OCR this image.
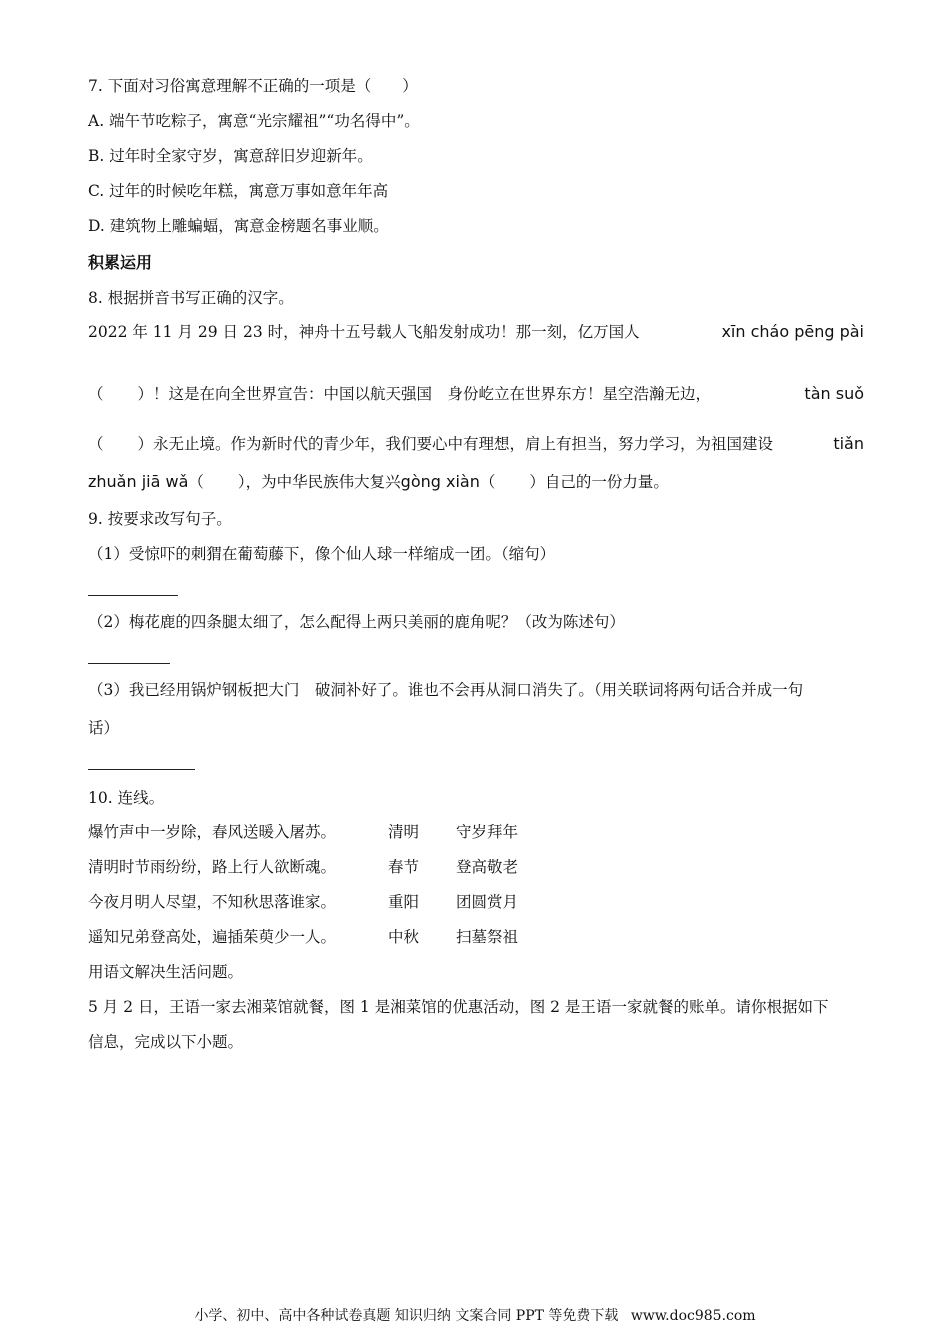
7. 下面对习俗寓意理解不正确的一项是（　　）
A. 端午节吃粽子，寓意“光宗耀祖”“功名得中”。
B. 过年时全家守岁，寓意辞旧岁迎新年。
C. 过年的时候吃年糕，寓意万事如意年年高
D. 建筑物上雕蝙蝠，寓意金榜题名事业顺。
积累运用
8. 根据拼音书写正确的汉字。
2022 年 11 月 29 日 23 时，神舟十五号载人飞船发射成功！那一刻，亿万国人	xīn cháo pēng pài
（ ）！这是在向全世界宣告：中国以航天强国　身份屹立在世界东方！星空浩瀚无边，	tàn suǒ
（ ）永无止境。作为新时代的青少年，我们要心中有理想，肩上有担当，努力学习，为祖国建设	tiǎn
zhuǎn jiā wǎ（ ），为中华民族伟大复兴gòng xiàn（ ）自己的一份力量。
9. 按要求改写句子。
（1）受惊吓的刺猬在葡萄藤下，像个仙人球一样缩成一团。（缩句）
（2）梅花鹿的四条腿太细了，怎么配得上两只美丽的鹿角呢？（改为陈述句）
（3）我已经用锅炉钢板把大门　破洞补好了。谁也不会再从洞口消失了。（用关联词将两句话合并成一句
话）
10. 连线。
爆竹声中一岁除，春风送暖入屠苏。	清明 守岁拜年
清明时节雨纷纷，路上行人欲断魂。	春节 登高敬老
今夜月明人尽望，不知秋思落谁家。	重阳 团圆赏月
遥知兄弟登高处，遍插茱萸少一人。	中秋 扫墓祭祖
用语文解决生活问题。
5 月 2 日，王语一家去湘菜馆就餐，图 1 是湘菜馆的优惠活动，图 2 是王语一家就餐的账单。请你根据如下
信息，完成以下小题。
小学、初中、高中各种试卷真题 知识归纳 文案合同 PPT 等免费下载 www.doc985.com
